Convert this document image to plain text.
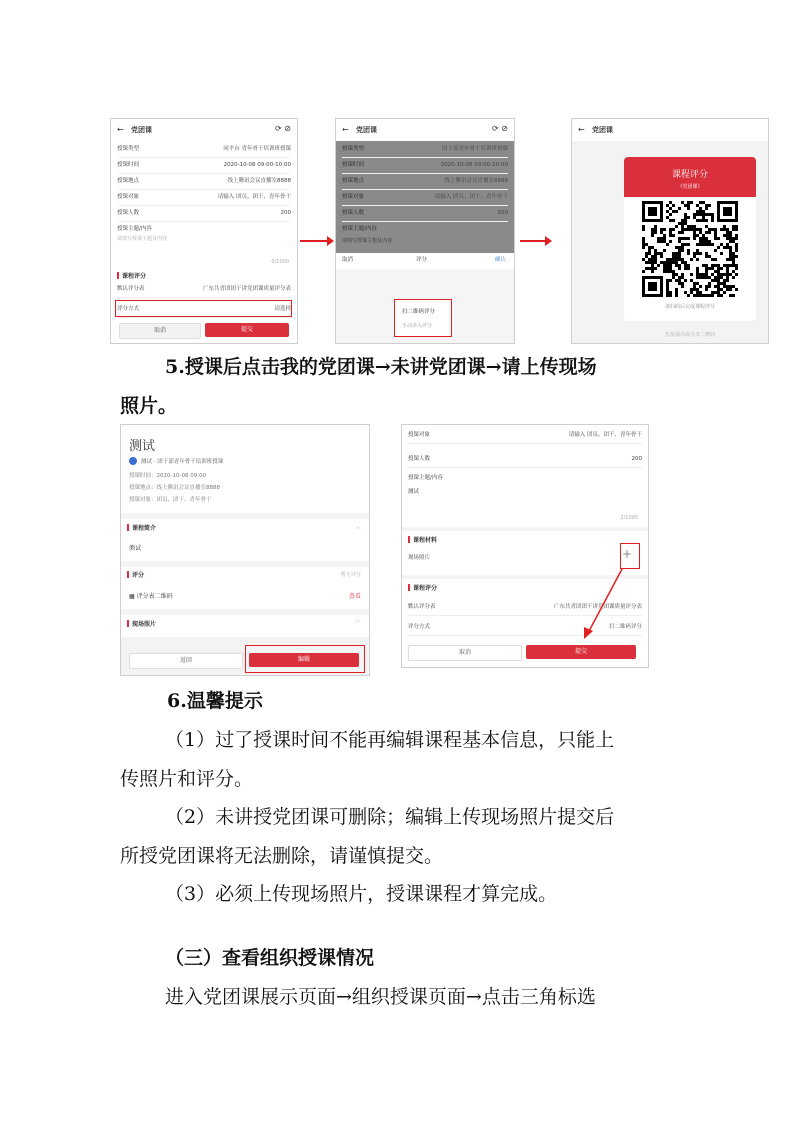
← 党团课	⟳ ⊘
授课类型	同平台 青年骨干培训班授课
授课时间	2020-10-08 09:00-10:00
授课地点	线上腾讯会议直播室8888
授课对象	请输入 团员、团干、青年骨干
授课人数	200
授课主题/内容
请填写授课主题及内容
0/1000
课程评分
默认评分表	广东共青团团干讲党团课质量评分表
评分方式	请选择
取消	提交
← 党团课	⟳ ⊘
授课类型	团干部青年骨干培训班授课
授课时间	2020-10-08 09:00-10:00
授课地点	线上腾讯会议直播室8888
授课对象	请输入 团员、团干、青年骨干
授课人数	200
授课主题/内容
请填写授课主题及内容
取消	评分	确认
扫二维码评分
手动录入评分
← 党团课
课程评分
《党团课》
请扫码后完成课程评分
长按保存或分享二维码
5.授课后点击我的党团课→未讲党团课→请上传现场
照片。
测试
测试 · 团干部青年骨干培训班授课
授课时间：2020-10-08 09:00
授课地点：线上腾讯会议直播室8888
授课对象：团员、团干、青年骨干
课程简介	︿
测试
评分	暂无评分
▦ 评分表二维码	查看
现场照片	﹀
返回	编辑
授课对象	请输入 团员、团干、青年骨干
授课人数	200
授课主题/内容
测试
2/1000
课程材料
现场照片	+
课程评分
默认评分表	广东共青团团干讲党团课质量评分表
评分方式	扫二维码评分
取消	提交
6.温馨提示
（1）过了授课时间不能再编辑课程基本信息，只能上
传照片和评分。
（2）未讲授党团课可删除；编辑上传现场照片提交后
所授党团课将无法删除，请谨慎提交。
（3）必须上传现场照片，授课课程才算完成。
（三）查看组织授课情况
进入党团课展示页面→组织授课页面→点击三角标选
